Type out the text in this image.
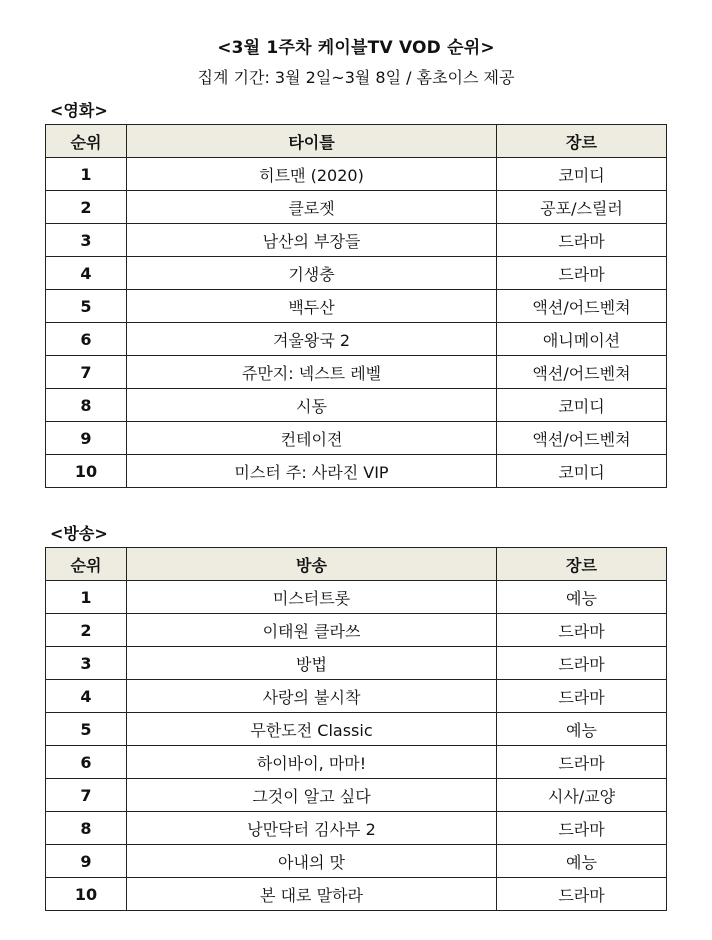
<3월 1주차 케이블TV VOD 순위>
집계 기간: 3월 2일~3월 8일 / 홈초이스 제공
<영화>
순위	타이틀	장르
1	히트맨 (2020)	코미디
2	클로젯	공포/스릴러
3	남산의 부장들	드라마
4	기생충	드라마
5	백두산	액션/어드벤쳐
6	겨울왕국 2	애니메이션
7	쥬만지: 넥스트 레벨	액션/어드벤쳐
8	시동	코미디
9	컨테이젼	액션/어드벤쳐
10	미스터 주: 사라진 VIP	코미디
<방송>
순위	방송	장르
1	미스터트롯	예능
2	이태원 클라쓰	드라마
3	방법	드라마
4	사랑의 불시착	드라마
5	무한도전 Classic	예능
6	하이바이, 마마!	드라마
7	그것이 알고 싶다	시사/교양
8	낭만닥터 김사부 2	드라마
9	아내의 맛	예능
10	본 대로 말하라	드라마
